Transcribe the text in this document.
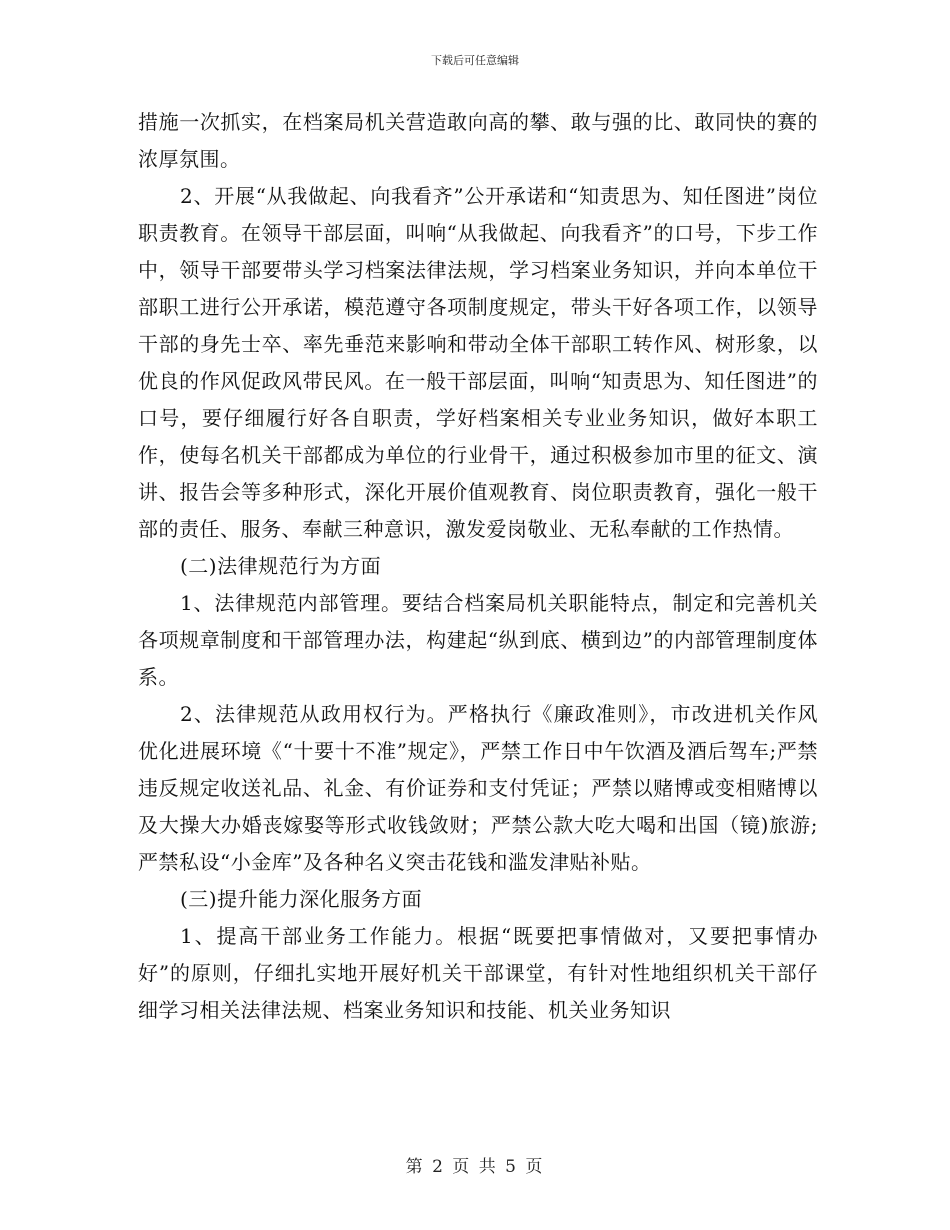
下载后可任意编辑

措施一次抓实，在档案局机关营造敢向高的攀、敢与强的比、敢同快的赛的浓厚氛围。

2、开展“从我做起、向我看齐”公开承诺和“知责思为、知任图进”岗位职责教育。在领导干部层面，叫响“从我做起、向我看齐”的口号，下步工作中，领导干部要带头学习档案法律法规，学习档案业务知识，并向本单位干部职工进行公开承诺，模范遵守各项制度规定，带头干好各项工作，以领导干部的身先士卒、率先垂范来影响和带动全体干部职工转作风、树形象，以优良的作风促政风带民风。在一般干部层面，叫响“知责思为、知任图进”的口号，要仔细履行好各自职责，学好档案相关专业业务知识，做好本职工作，使每名机关干部都成为单位的行业骨干，通过积极参加市里的征文、演讲、报告会等多种形式，深化开展价值观教育、岗位职责教育，强化一般干部的责任、服务、奉献三种意识，激发爱岗敬业、无私奉献的工作热情。

(二)法律规范行为方面

1、法律规范内部管理。要结合档案局机关职能特点，制定和完善机关各项规章制度和干部管理办法，构建起“纵到底、横到边”的内部管理制度体系。

2、法律规范从政用权行为。严格执行《廉政准则》，市改进机关作风优化进展环境《“十要十不准”规定》，严禁工作日中午饮酒及酒后驾车;严禁违反规定收送礼品、礼金、有价证券和支付凭证；严禁以赌博或变相赌博以及大操大办婚丧嫁娶等形式收钱敛财；严禁公款大吃大喝和出国（镜)旅游;严禁私设“小金库”及各种名义突击花钱和滥发津贴补贴。

(三)提升能力深化服务方面

1、提高干部业务工作能力。根据“既要把事情做对，又要把事情办好”的原则，仔细扎实地开展好机关干部课堂，有针对性地组织机关干部仔细学习相关法律法规、档案业务知识和技能、机关业务知识

第 2 页 共 5 页
